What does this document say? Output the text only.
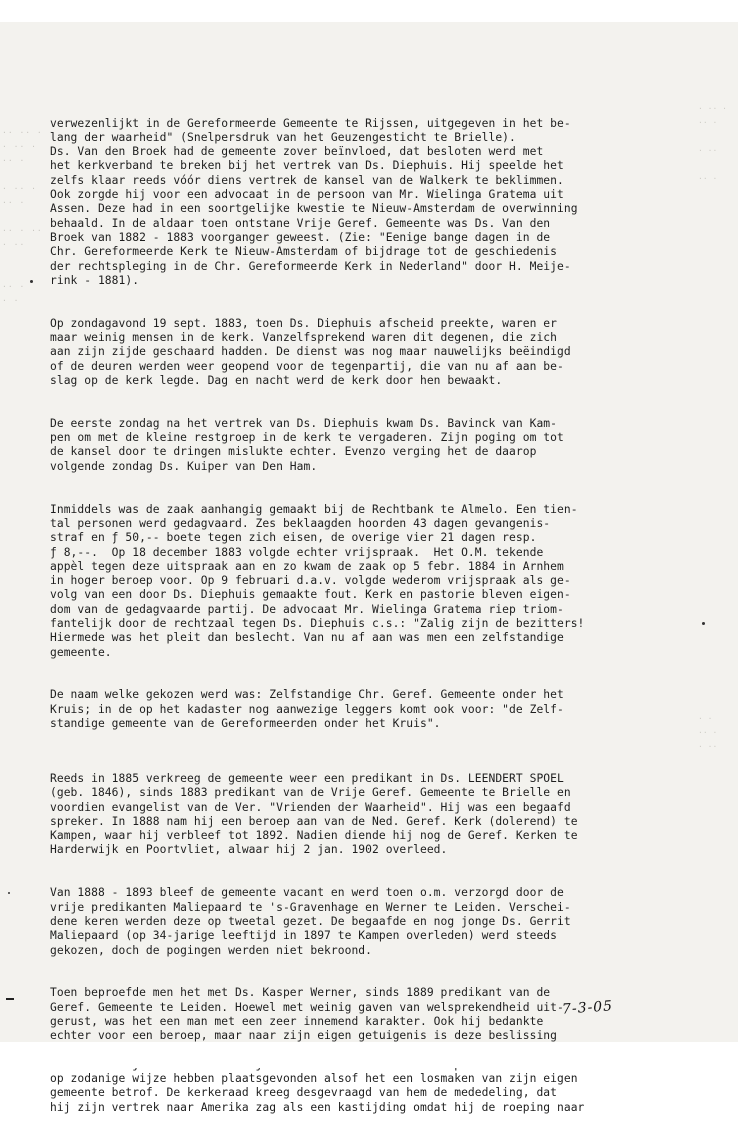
·· ·· · ·
· ·· ·
·· ·

· ·· ·
·· ·

·· · ··
· ··

·· ·
· ·
· ·· ·
·· ·

· ··

·· ·
· ·
·· ·
· ··

verwezenlijkt in de Gereformeerde Gemeente te Rijssen, uitgegeven in het be-
lang der waarheid" (Snelpersdruk van het Geuzengesticht te Brielle).
Ds. Van den Broek had de gemeente zover beïnvloed, dat besloten werd met
het kerkverband te breken bij het vertrek van Ds. Diephuis. Hij speelde het
zelfs klaar reeds vóór diens vertrek de kansel van de Walkerk te beklimmen.
Ook zorgde hij voor een advocaat in de persoon van Mr. Wielinga Gratema uit
Assen. Deze had in een soortgelijke kwestie te Nieuw-Amsterdam de overwinning
behaald. In de aldaar toen ontstane Vrije Geref. Gemeente was Ds. Van den
Broek van 1882 - 1883 voorganger geweest. (Zie: "Eenige bange dagen in de
Chr. Gereformeerde Kerk te Nieuw-Amsterdam of bijdrage tot de geschiedenis
der rechtspleging in de Chr. Gereformeerde Kerk in Nederland" door H. Meije-
rink - 1881).

Op zondagavond 19 sept. 1883, toen Ds. Diephuis afscheid preekte, waren er
maar weinig mensen in de kerk. Vanzelfsprekend waren dit degenen, die zich
aan zijn zijde geschaard hadden. De dienst was nog maar nauwelijks beëindigd
of de deuren werden weer geopend voor de tegenpartij, die van nu af aan be-
slag op de kerk legde. Dag en nacht werd de kerk door hen bewaakt.

De eerste zondag na het vertrek van Ds. Diephuis kwam Ds. Bavinck van Kam-
pen om met de kleine restgroep in de kerk te vergaderen. Zijn poging om tot
de kansel door te dringen mislukte echter. Evenzo verging het de daarop
volgende zondag Ds. Kuiper van Den Ham.

Inmiddels was de zaak aanhangig gemaakt bij de Rechtbank te Almelo. Een tien-
tal personen werd gedagvaard. Zes beklaagden hoorden 43 dagen gevangenis-
straf en ƒ 50,-- boete tegen zich eisen, de overige vier 21 dagen resp.
ƒ 8,--.  Op 18 december 1883 volgde echter vrijspraak.  Het O.M. tekende
appèl tegen deze uitspraak aan en zo kwam de zaak op 5 febr. 1884 in Arnhem
in hoger beroep voor. Op 9 februari d.a.v. volgde wederom vrijspraak als ge-
volg van een door Ds. Diephuis gemaakte fout. Kerk en pastorie bleven eigen-
dom van de gedagvaarde partij. De advocaat Mr. Wielinga Gratema riep triom-
fantelijk door de rechtzaal tegen Ds. Diephuis c.s.: "Zalig zijn de bezitters!
Hiermede was het pleit dan beslecht. Van nu af aan was men een zelfstandige
gemeente.

De naam welke gekozen werd was: Zelfstandige Chr. Geref. Gemeente onder het
Kruis; in de op het kadaster nog aanwezige leggers komt ook voor: "de Zelf-
standige gemeente van de Gereformeerden onder het Kruis".

Reeds in 1885 verkreeg de gemeente weer een predikant in Ds. LEENDERT SPOEL
(geb. 1846), sinds 1883 predikant van de Vrije Geref. Gemeente te Brielle en
voordien evangelist van de Ver. "Vrienden der Waarheid". Hij was een begaafd
spreker. In 1888 nam hij een beroep aan van de Ned. Geref. Kerk (dolerend) te
Kampen, waar hij verbleef tot 1892. Nadien diende hij nog de Geref. Kerken te
Harderwijk en Poortvliet, alwaar hij 2 jan. 1902 overleed.

Van 1888 - 1893 bleef de gemeente vacant en werd toen o.m. verzorgd door de
vrije predikanten Maliepaard te 's-Gravenhage en Werner te Leiden. Verschei-
dene keren werden deze op tweetal gezet. De begaafde en nog jonge Ds. Gerrit
Maliepaard (op 34-jarige leeftijd in 1897 te Kampen overleden) werd steeds
gekozen, doch de pogingen werden niet bekroond.

Toen beproefde men het met Ds. Kasper Werner, sinds 1889 predikant van de
Geref. Gemeente te Leiden. Hoewel met weinig gaven van welsprekendheid uit-
gerust, was het een man met een zeer innemend karakter. Ook hij bedankte
echter voor een beroep, maar naar zijn eigen getuigenis is deze beslissing

op zodanige wijze hebben plaatsgevonden alsof het een losmaken van zijn eigen
gemeente betrof. De kerkeraad kreeg desgevraagd van hem de mededeling, dat
hij zijn vertrek naar Amerika zag als een kastijding omdat hij de roeping naar

7-3-05
